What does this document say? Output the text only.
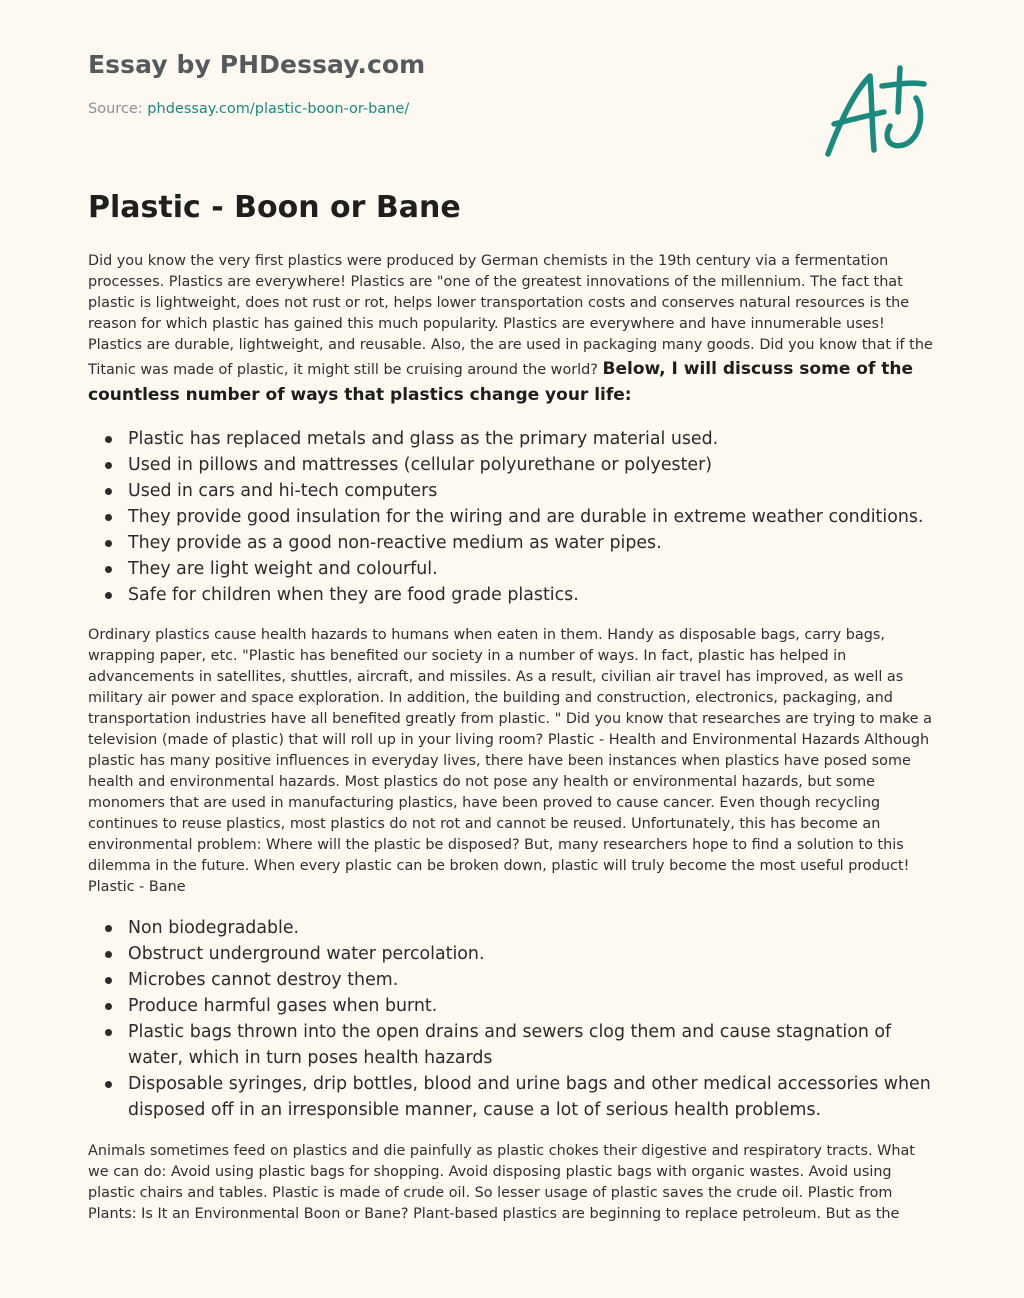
Essay by PHDessay.com

Source: phdessay.com/plastic-boon-or-bane/

Plastic - Boon or Bane

Did you know the very first plastics were produced by German chemists in the 19th century via a fermentation processes. Plastics are everywhere! Plastics are "one of the greatest innovations of the millennium. The fact that plastic is lightweight, does not rust or rot, helps lower transportation costs and conserves natural resources is the reason for which plastic has gained this much popularity. Plastics are everywhere and have innumerable uses! Plastics are durable, lightweight, and reusable. Also, the are used in packaging many goods. Did you know that if the Titanic was made of plastic, it might still be cruising around the world? Below, I will discuss some of the countless number of ways that plastics change your life:

Plastic has replaced metals and glass as the primary material used.
Used in pillows and mattresses (cellular polyurethane or polyester)
Used in cars and hi-tech computers
They provide good insulation for the wiring and are durable in extreme weather conditions.
They provide as a good non-reactive medium as water pipes.
They are light weight and colourful.
Safe for children when they are food grade plastics.

Ordinary plastics cause health hazards to humans when eaten in them. Handy as disposable bags, carry bags, wrapping paper, etc. "Plastic has benefited our society in a number of ways. In fact, plastic has helped in advancements in satellites, shuttles, aircraft, and missiles. As a result, civilian air travel has improved, as well as military air power and space exploration. In addition, the building and construction, electronics, packaging, and transportation industries have all benefited greatly from plastic. " Did you know that researches are trying to make a television (made of plastic) that will roll up in your living room? Plastic - Health and Environmental Hazards Although plastic has many positive influences in everyday lives, there have been instances when plastics have posed some health and environmental hazards. Most plastics do not pose any health or environmental hazards, but some monomers that are used in manufacturing plastics, have been proved to cause cancer. Even though recycling continues to reuse plastics, most plastics do not rot and cannot be reused. Unfortunately, this has become an environmental problem: Where will the plastic be disposed? But, many researchers hope to find a solution to this dilemma in the future. When every plastic can be broken down, plastic will truly become the most useful product! Plastic - Bane

Non biodegradable.
Obstruct underground water percolation.
Microbes cannot destroy them.
Produce harmful gases when burnt.
Plastic bags thrown into the open drains and sewers clog them and cause stagnation of water, which in turn poses health hazards
Disposable syringes, drip bottles, blood and urine bags and other medical accessories when disposed off in an irresponsible manner, cause a lot of serious health problems.

Animals sometimes feed on plastics and die painfully as plastic chokes their digestive and respiratory tracts. What we can do: Avoid using plastic bags for shopping. Avoid disposing plastic bags with organic wastes. Avoid using plastic chairs and tables. Plastic is made of crude oil. So lesser usage of plastic saves the crude oil. Plastic from Plants: Is It an Environmental Boon or Bane? Plant-based plastics are beginning to replace petroleum. But as the
